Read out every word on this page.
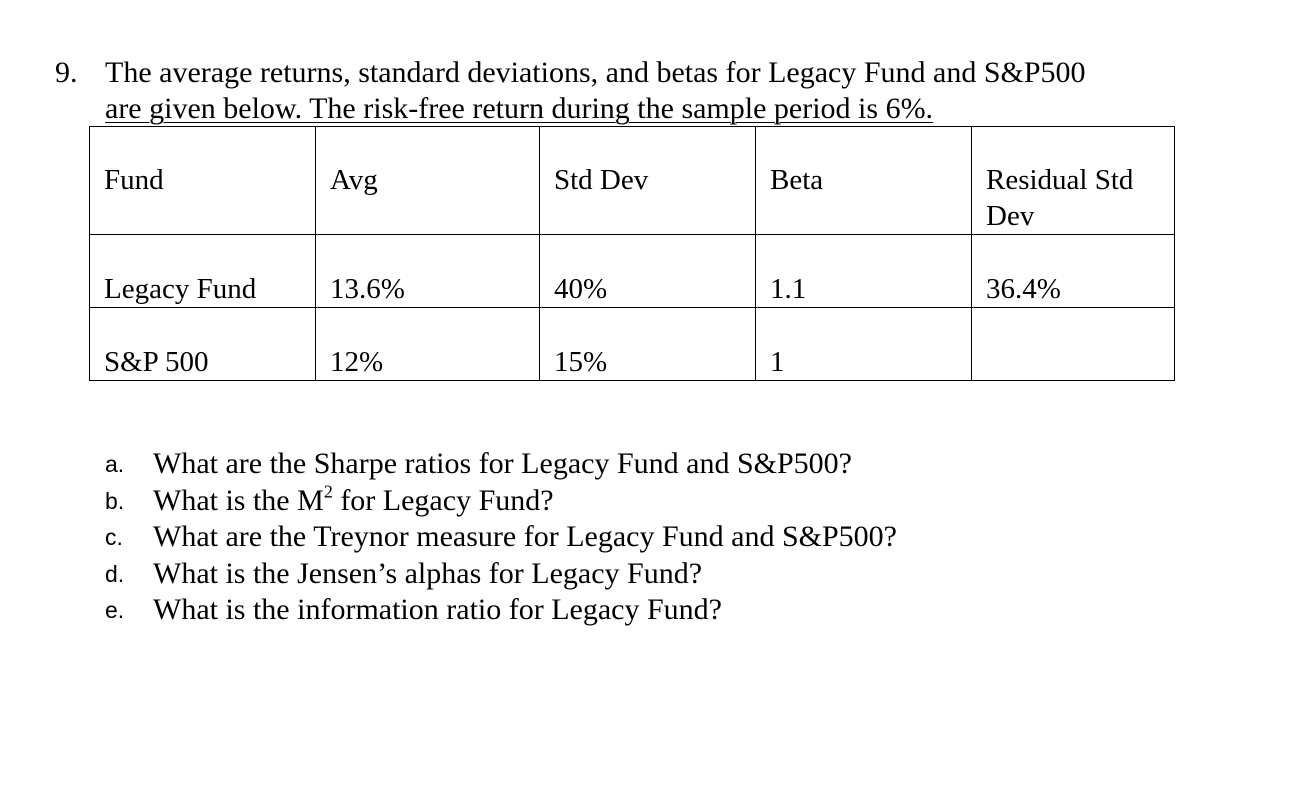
9. The average returns, standard deviations, and betas for Legacy Fund and S&P500
are given below. The risk-free return during the sample period is 6%.
Fund	Avg	Std Dev	Beta	Residual Std Dev
Legacy Fund	13.6%	40%	1.1	36.4%
S&P 500	12%	15%	1	
a. What are the Sharpe ratios for Legacy Fund and S&P500?
b. What is the $M^2$ for Legacy Fund?
c. What are the Treynor measure for Legacy Fund and S&P500?
d. What is the Jensen’s alphas for Legacy Fund?
e. What is the information ratio for Legacy Fund?
